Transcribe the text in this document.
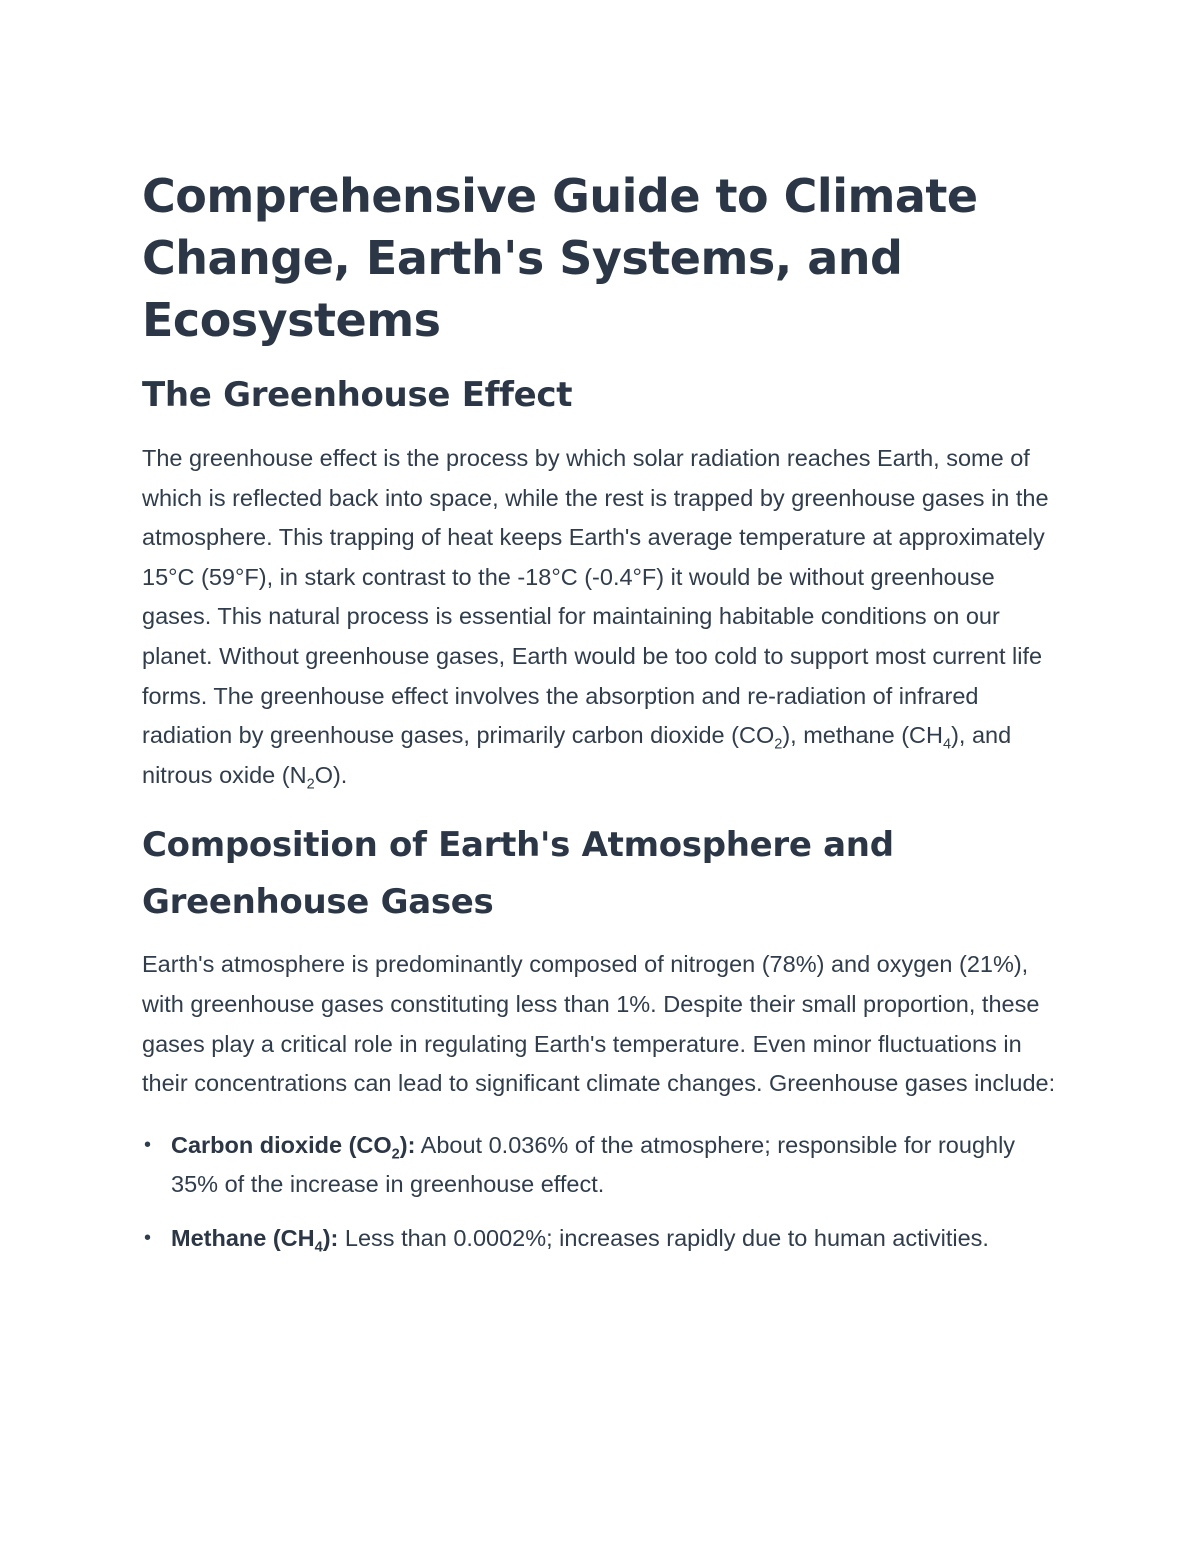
Comprehensive Guide to Climate Change, Earth's Systems, and Ecosystems
The Greenhouse Effect

The greenhouse effect is the process by which solar radiation reaches Earth, some of which is reflected back into space, while the rest is trapped by greenhouse gases in the atmosphere. This trapping of heat keeps Earth's average temperature at approximately 15°C (59°F), in stark contrast to the -18°C (-0.4°F) it would be without greenhouse gases. This natural process is essential for maintaining habitable conditions on our planet. Without greenhouse gases, Earth would be too cold to support most current life forms. The greenhouse effect involves the absorption and re-radiation of infrared radiation by greenhouse gases, primarily carbon dioxide $(CO_2)$, methane $(CH_4)$, and nitrous oxide $(N_2O)$.

Composition of Earth's Atmosphere and Greenhouse Gases

Earth's atmosphere is predominantly composed of nitrogen (78%) and oxygen (21%), with greenhouse gases constituting less than 1%. Despite their small proportion, these gases play a critical role in regulating Earth's temperature. Even minor fluctuations in their concentrations can lead to significant climate changes. Greenhouse gases include:

• Carbon dioxide $(CO_2)$: About 0.036% of the atmosphere; responsible for roughly 35% of the increase in greenhouse effect.
• Methane $(CH_4)$: Less than 0.0002%; increases rapidly due to human activities.
